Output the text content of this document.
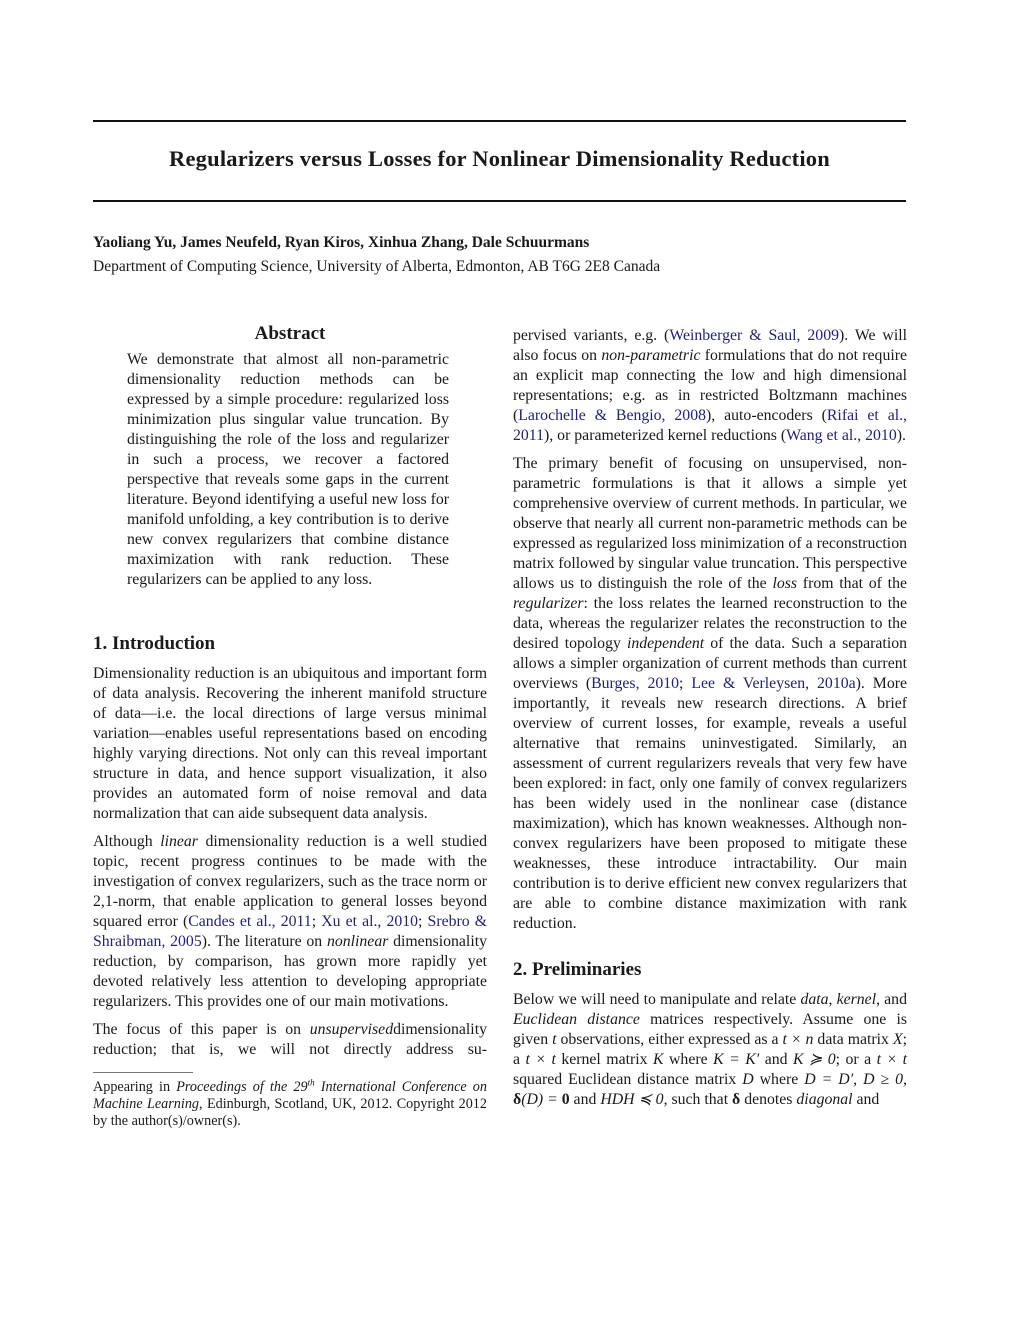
Regularizers versus Losses for Nonlinear Dimensionality Reduction
Yaoliang Yu, James Neufeld, Ryan Kiros, Xinhua Zhang, Dale Schuurmans
Department of Computing Science, University of Alberta, Edmonton, AB T6G 2E8 Canada
Abstract

We demonstrate that almost all non-parametric dimensionality reduction methods can be expressed by a simple procedure: regularized loss minimization plus singular value truncation. By distinguishing the role of the loss and regularizer in such a process, we recover a factored perspective that reveals some gaps in the current literature. Beyond identifying a useful new loss for manifold unfolding, a key contribution is to derive new convex regularizers that combine distance maximization with rank reduction. These regularizers can be applied to any loss.

1. Introduction

Dimensionality reduction is an ubiquitous and important form of data analysis. Recovering the inherent manifold structure of data—i.e. the local directions of large versus minimal variation—enables useful representations based on encoding highly varying directions. Not only can this reveal important structure in data, and hence support visualization, it also provides an automated form of noise removal and data normalization that can aide subsequent data analysis.

Although linear dimensionality reduction is a well studied topic, recent progress continues to be made with the investigation of convex regularizers, such as the trace norm or 2,1-norm, that enable application to general losses beyond squared error (Candes et al., 2011; Xu et al., 2010; Srebro & Shraibman, 2005). The literature on nonlinear dimensionality reduction, by comparison, has grown more rapidly yet devoted relatively less attention to developing appropriate regularizers. This provides one of our main motivations.

The focus of this paper is on unsuperviseddimensionality reduction; that is, we will not directly address su-

Appearing in Proceedings of the 29th International Conference on Machine Learning, Edinburgh, Scotland, UK, 2012. Copyright 2012 by the author(s)/owner(s).

pervised variants, e.g. (Weinberger & Saul, 2009). We will also focus on non-parametric formulations that do not require an explicit map connecting the low and high dimensional representations; e.g. as in restricted Boltzmann machines (Larochelle & Bengio, 2008), auto-encoders (Rifai et al., 2011), or parameterized kernel reductions (Wang et al., 2010).

The primary benefit of focusing on unsupervised, non-parametric formulations is that it allows a simple yet comprehensive overview of current methods. In particular, we observe that nearly all current non-parametric methods can be expressed as regularized loss minimization of a reconstruction matrix followed by singular value truncation. This perspective allows us to distinguish the role of the loss from that of the regularizer: the loss relates the learned reconstruction to the data, whereas the regularizer relates the reconstruction to the desired topology independent of the data. Such a separation allows a simpler organization of current methods than current overviews (Burges, 2010; Lee & Verleysen, 2010a). More importantly, it reveals new research directions. A brief overview of current losses, for example, reveals a useful alternative that remains uninvestigated. Similarly, an assessment of current regularizers reveals that very few have been explored: in fact, only one family of convex regularizers has been widely used in the nonlinear case (distance maximization), which has known weaknesses. Although non-convex regularizers have been proposed to mitigate these weaknesses, these introduce intractability. Our main contribution is to derive efficient new convex regularizers that are able to combine distance maximization with rank reduction.

2. Preliminaries

Below we will need to manipulate and relate data, kernel, and Euclidean distance matrices respectively. Assume one is given t observations, either expressed as a t × n data matrix X; a t × t kernel matrix K where K = K′ and K ≽ 0; or a t × t squared Euclidean distance matrix D where D = D′, D ≥ 0, δ(D) = 0 and HDH ≼ 0, such that δ denotes diagonal and
